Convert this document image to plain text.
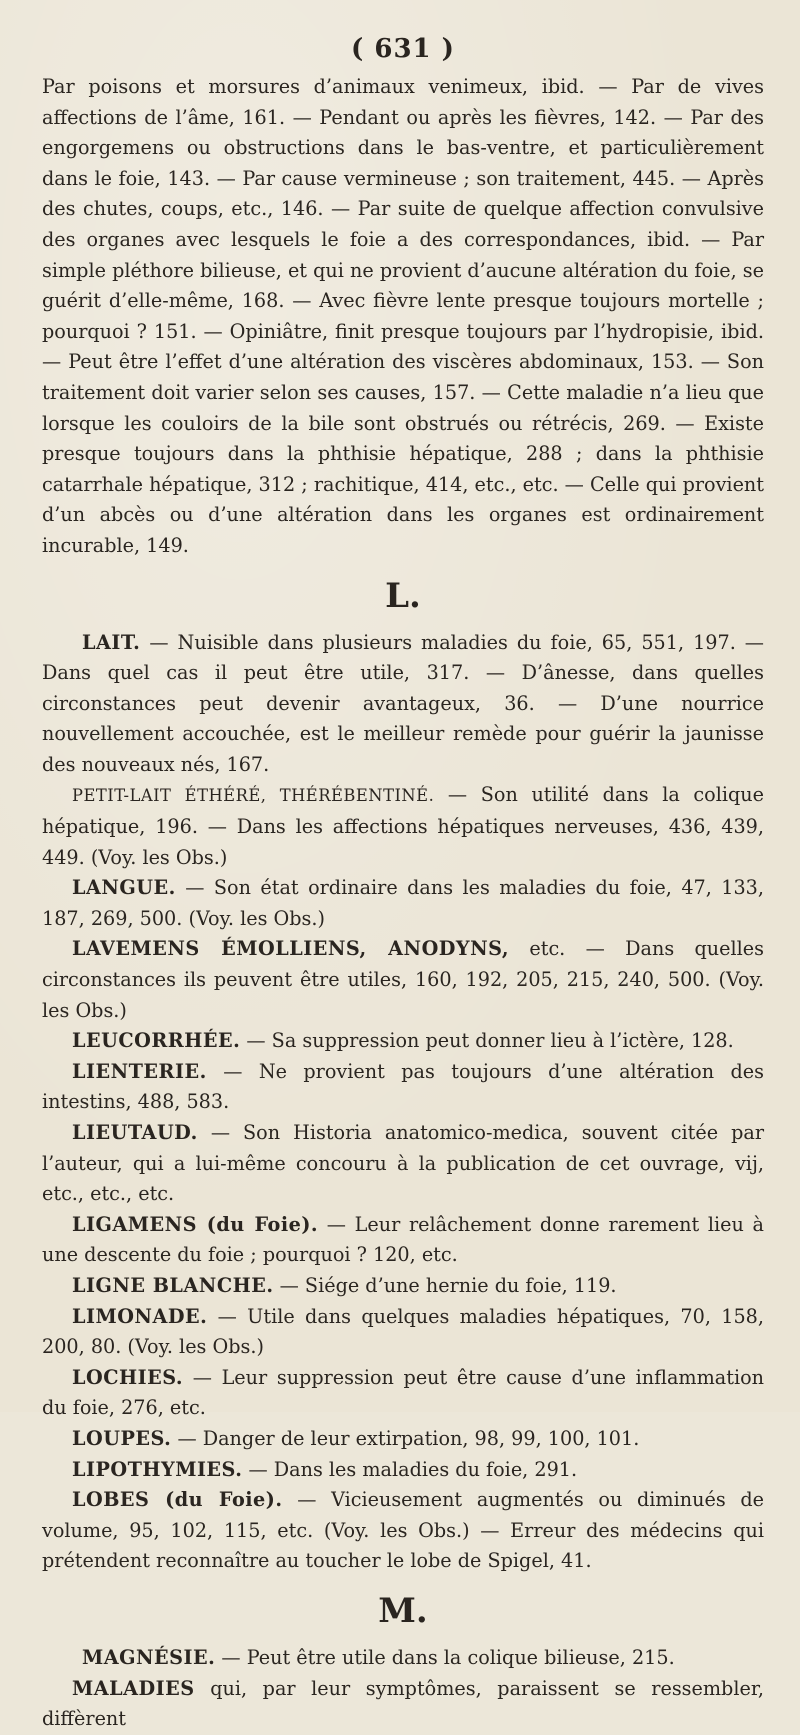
( 631 )

Par poisons et morsures d’animaux venimeux, ibid. — Par de vives affections de l’âme, 161. — Pendant ou après les fièvres, 142. — Par des engorgemens ou obstructions dans le bas-ventre, et particulièrement dans le foie, 143. — Par cause vermineuse ; son traitement, 445. — Après des chutes, coups, etc., 146. — Par suite de quelque affection convulsive des organes avec lesquels le foie a des correspondances, ibid. — Par simple pléthore bilieuse, et qui ne provient d’aucune altération du foie, se guérit d’elle-même, 168. — Avec fièvre lente presque toujours mortelle ; pourquoi ? 151. — Opiniâtre, finit presque toujours par l’hydropisie, ibid. — Peut être l’effet d’une altération des viscères abdominaux, 153. — Son traitement doit varier selon ses causes, 157. — Cette maladie n’a lieu que lorsque les couloirs de la bile sont obstrués ou rétrécis, 269. — Existe presque toujours dans la phthisie hépatique, 288 ; dans la phthisie catarrhale hépatique, 312 ; rachitique, 414, etc., etc. — Celle qui provient d’un abcès ou d’une altération dans les organes est ordinairement incurable, 149.

L.

LAIT. — Nuisible dans plusieurs maladies du foie, 65, 551, 197. — Dans quel cas il peut être utile, 317. — D’ânesse, dans quelles circonstances peut devenir avantageux, 36. — D’une nourrice nouvellement accouchée, est le meilleur remède pour guérir la jaunisse des nouveaux nés, 167.

PETIT-LAIT ÉTHÉRÉ, THÉRÉBENTINÉ. — Son utilité dans la colique hépatique, 196. — Dans les affections hépatiques nerveuses, 436, 439, 449. (Voy. les Obs.)

LANGUE. — Son état ordinaire dans les maladies du foie, 47, 133, 187, 269, 500. (Voy. les Obs.)

LAVEMENS ÉMOLLIENS, ANODYNS, etc. — Dans quelles circonstances ils peuvent être utiles, 160, 192, 205, 215, 240, 500. (Voy. les Obs.)

LEUCORRHÉE. — Sa suppression peut donner lieu à l’ictère, 128.

LIENTERIE. — Ne provient pas toujours d’une altération des intestins, 488, 583.

LIEUTAUD. — Son Historia anatomico-medica, souvent citée par l’auteur, qui a lui-même concouru à la publication de cet ouvrage, vij, etc., etc., etc.

LIGAMENS (du Foie). — Leur relâchement donne rarement lieu à une descente du foie ; pourquoi ? 120, etc.

LIGNE BLANCHE. — Siége d’une hernie du foie, 119.

LIMONADE. — Utile dans quelques maladies hépatiques, 70, 158, 200, 80. (Voy. les Obs.)

LOCHIES. — Leur suppression peut être cause d’une inflammation du foie, 276, etc.

LOUPES. — Danger de leur extirpation, 98, 99, 100, 101.

LIPOTHYMIES. — Dans les maladies du foie, 291.

LOBES (du Foie). — Vicieusement augmentés ou diminués de volume, 95, 102, 115, etc. (Voy. les Obs.) — Erreur des médecins qui prétendent reconnaître au toucher le lobe de Spigel, 41.

M.

MAGNÉSIE. — Peut être utile dans la colique bilieuse, 215.

MALADIES qui, par leur symptômes, paraissent se ressembler, diffèrent
